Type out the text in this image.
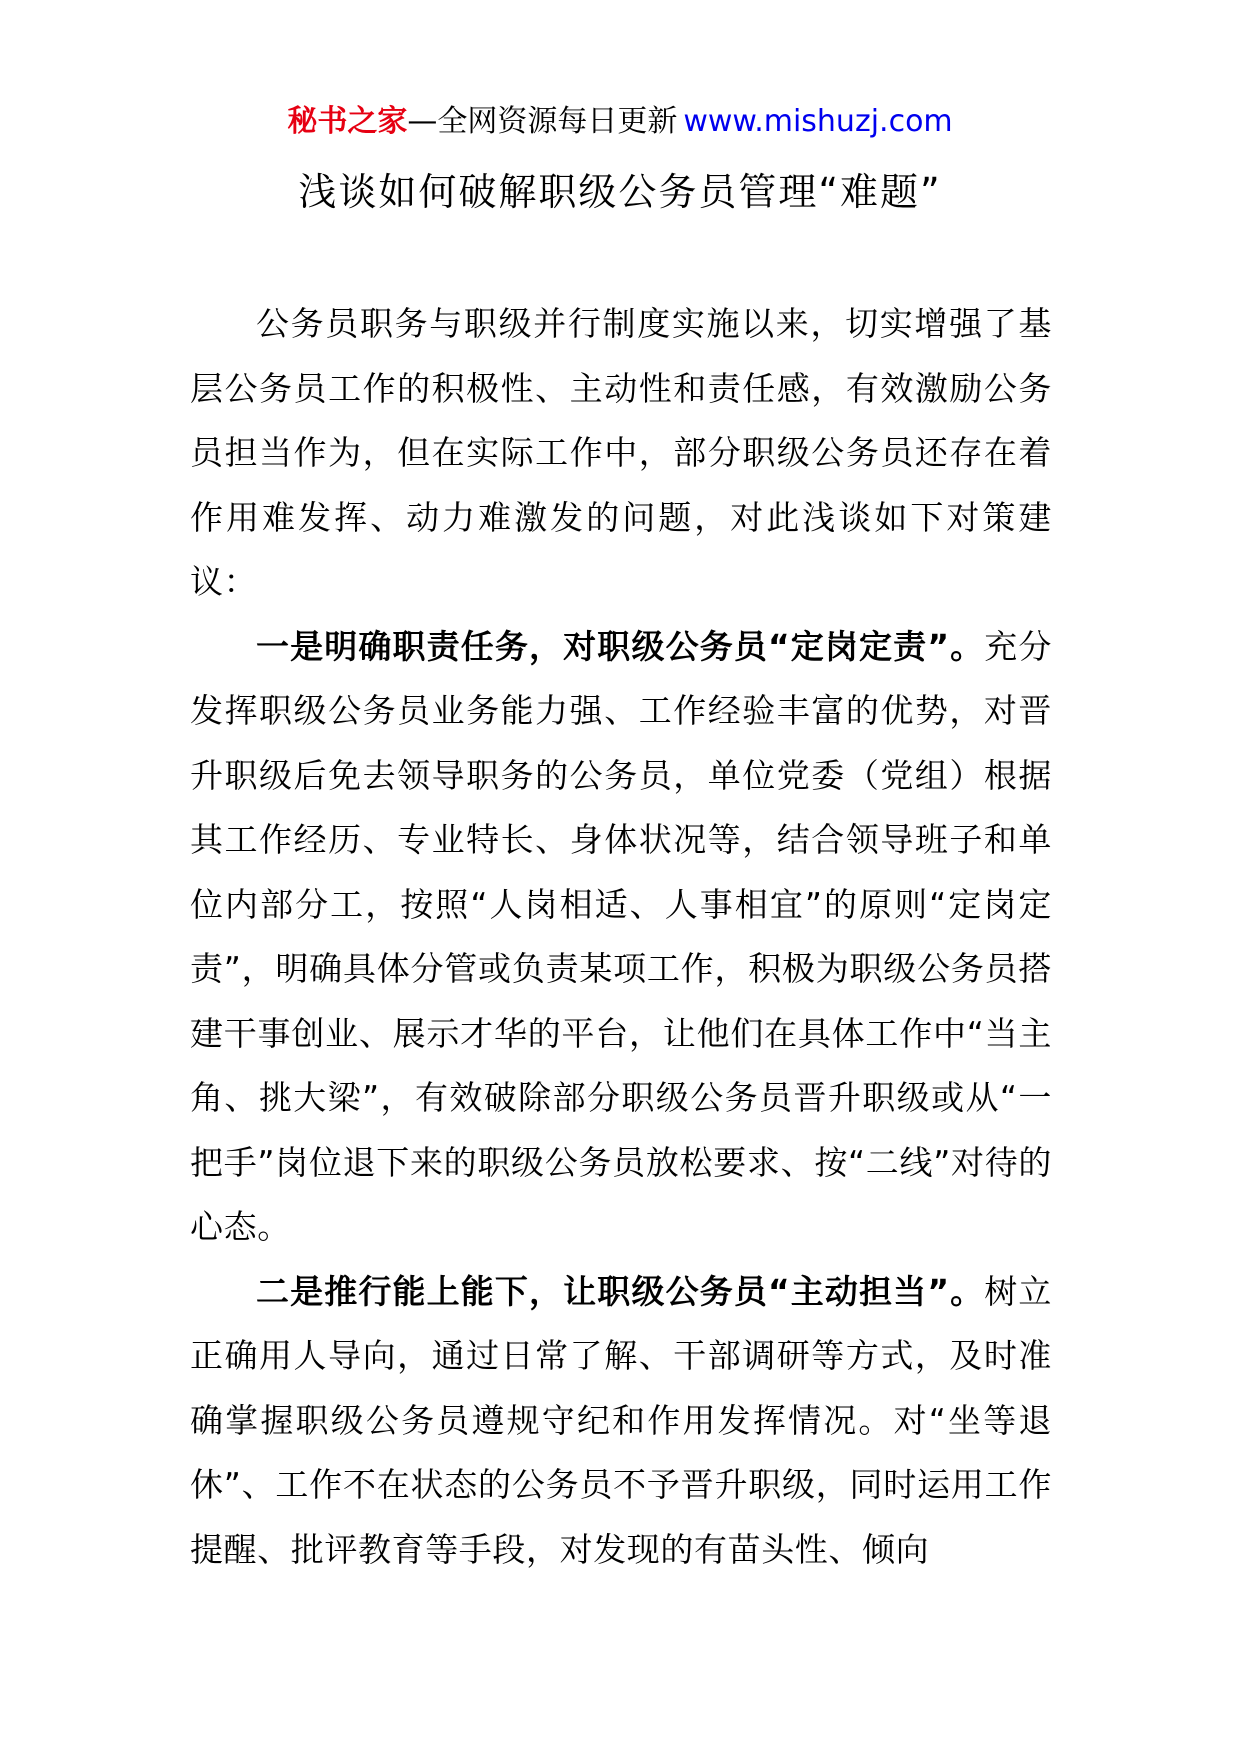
秘书之家—全网资源每日更新 www.mishuzj.com
浅谈如何破解职级公务员管理“难题”

公务员职务与职级并行制度实施以来，切实增强了基层公务员工作的积极性、主动性和责任感，有效激励公务员担当作为，但在实际工作中，部分职级公务员还存在着作用难发挥、动力难激发的问题，对此浅谈如下对策建议：

一是明确职责任务，对职级公务员“定岗定责”。充分发挥职级公务员业务能力强、工作经验丰富的优势，对晋升职级后免去领导职务的公务员，单位党委（党组）根据其工作经历、专业特长、身体状况等，结合领导班子和单位内部分工，按照“人岗相适、人事相宜”的原则“定岗定责”，明确具体分管或负责某项工作，积极为职级公务员搭建干事创业、展示才华的平台，让他们在具体工作中“当主角、挑大梁”，有效破除部分职级公务员晋升职级或从“一把手”岗位退下来的职级公务员放松要求、按“二线”对待的心态。

二是推行能上能下，让职级公务员“主动担当”。树立正确用人导向，通过日常了解、干部调研等方式，及时准确掌握职级公务员遵规守纪和作用发挥情况。对“坐等退休”、工作不在状态的公务员不予晋升职级，同时运用工作提醒、批评教育等手段，对发现的有苗头性、倾向
